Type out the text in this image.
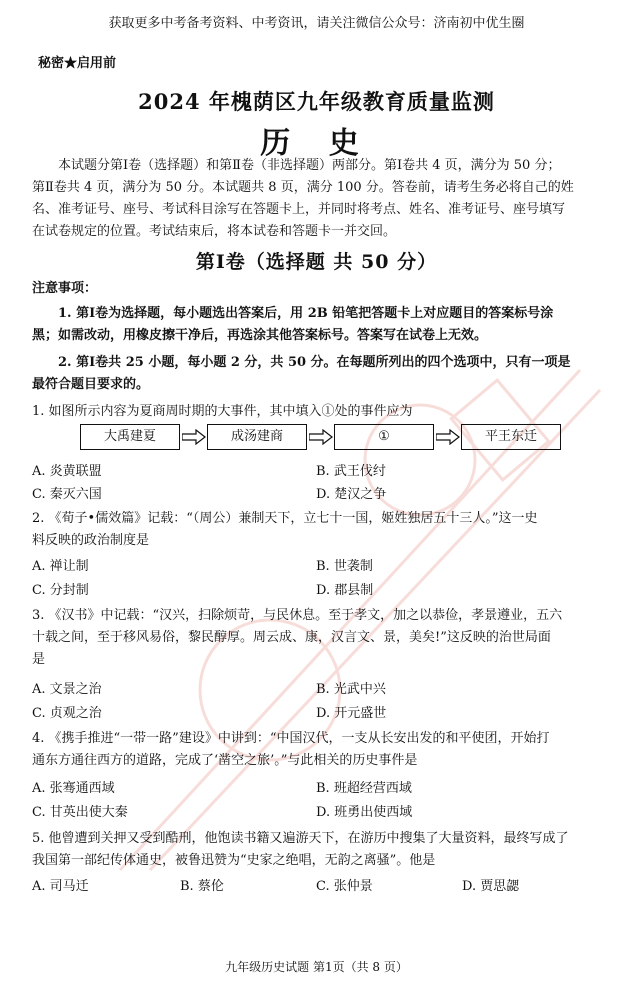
获取更多中考备考资料、中考资讯，请关注微信公众号：济南初中优生圈
秘密★启用前
2024 年槐荫区九年级教育质量监测
历 史
本试题分第Ⅰ卷（选择题）和第Ⅱ卷（非选择题）两部分。第Ⅰ卷共 4 页，满分为 50 分；
第Ⅱ卷共 4 页，满分为 50 分。本试题共 8 页，满分 100 分。答卷前，请考生务必将自己的姓
名、准考证号、座号、考试科目涂写在答题卡上，并同时将考点、姓名、准考证号、座号填写
在试卷规定的位置。考试结束后，将本试卷和答题卡一并交回。
第Ⅰ卷（选择题 共 50 分）
注意事项：
1. 第Ⅰ卷为选择题，每小题选出答案后，用 2B 铅笔把答题卡上对应题目的答案标号涂
黑；如需改动，用橡皮擦干净后，再选涂其他答案标号。答案写在试卷上无效。
2. 第Ⅰ卷共 25 小题，每小题 2 分，共 50 分。在每题所列出的四个选项中，只有一项是
最符合题目要求的。
1. 如图所示内容为夏商周时期的大事件，其中填入①处的事件应为
大禹建夏	成汤建商	①	平王东迁
A. 炎黄联盟	B. 武王伐纣
C. 秦灭六国	D. 楚汉之争
2. 《荀子•儒效篇》记载：“（周公）兼制天下，立七十一国，姬姓独居五十三人。”这一史
料反映的政治制度是
A. 禅让制	B. 世袭制
C. 分封制	D. 郡县制
3. 《汉书》中记载：“汉兴，扫除烦苛，与民休息。至于孝文，加之以恭俭，孝景遵业，五六
十载之间，至于移风易俗，黎民醇厚。周云成、康，汉言文、景，美矣!”这反映的治世局面
是
A. 文景之治	B. 光武中兴
C. 贞观之治	D. 开元盛世
4. 《携手推进“一带一路”建设》中讲到：“中国汉代，一支从长安出发的和平使团，开始打
通东方通往西方的道路，完成了‘凿空之旅’。”与此相关的历史事件是
A. 张骞通西域	B. 班超经营西域
C. 甘英出使大秦	D. 班勇出使西域
5. 他曾遭到关押又受到酷刑，他饱读书籍又遍游天下，在游历中搜集了大量资料，最终写成了
我国第一部纪传体通史，被鲁迅赞为“史家之绝唱，无韵之离骚”。他是
A. 司马迁	B. 蔡伦	C. 张仲景	D. 贾思勰
九年级历史试题 第1页（共 8 页）
